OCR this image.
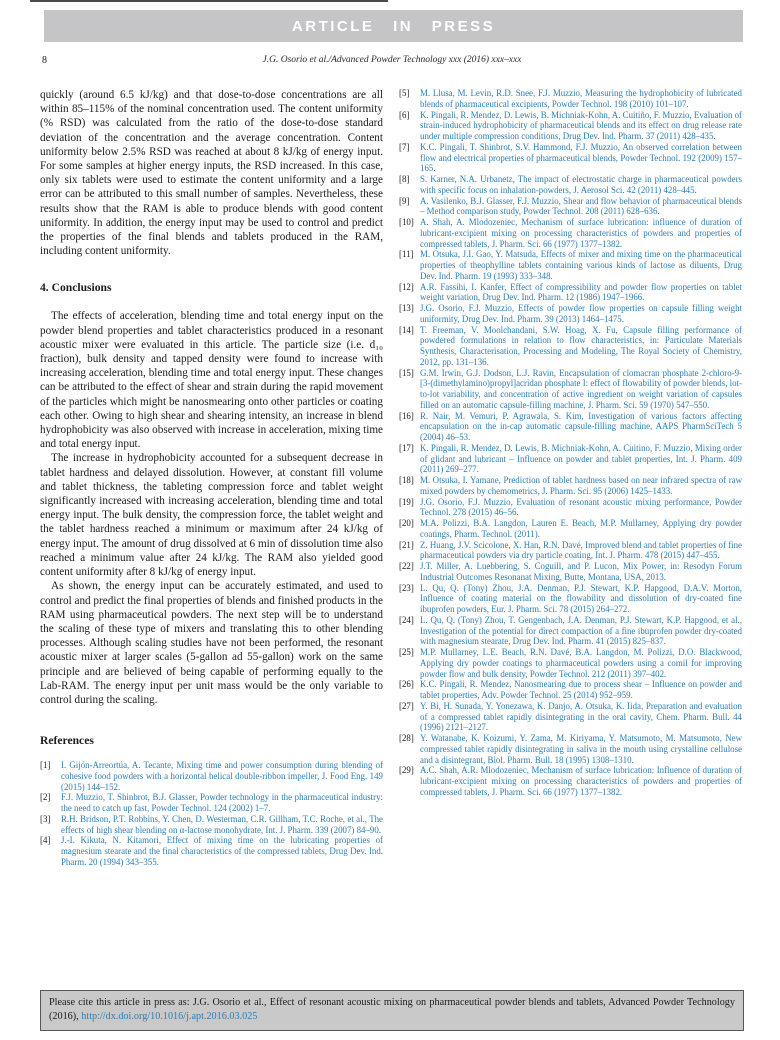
ARTICLE IN PRESS
8	J.G. Osorio et al./Advanced Powder Technology xxx (2016) xxx–xxx

quickly (around 6.5 kJ/kg) and that dose-to-dose concentrations are all within 85–115% of the nominal concentration used. The content uniformity (% RSD) was calculated from the ratio of the dose-to-dose standard deviation of the concentration and the average concentration. Content uniformity below 2.5% RSD was reached at about 8 kJ/kg of energy input. For some samples at higher energy inputs, the RSD increased. In this case, only six tablets were used to estimate the content uniformity and a large error can be attributed to this small number of samples. Nevertheless, these results show that the RAM is able to produce blends with good content uniformity. In addition, the energy input may be used to control and predict the properties of the final blends and tablets produced in the RAM, including content uniformity.

4. Conclusions

The effects of acceleration, blending time and total energy input on the powder blend properties and tablet characteristics produced in a resonant acoustic mixer were evaluated in this article. The particle size (i.e. d₁₀ fraction), bulk density and tapped density were found to increase with increasing acceleration, blending time and total energy input. These changes can be attributed to the effect of shear and strain during the rapid movement of the particles which might be nanosmearing onto other particles or coating each other. Owing to high shear and shearing intensity, an increase in blend hydrophobicity was also observed with increase in acceleration, mixing time and total energy input.

The increase in hydrophobicity accounted for a subsequent decrease in tablet hardness and delayed dissolution. However, at constant fill volume and tablet thickness, the tableting compression force and tablet weight significantly increased with increasing acceleration, blending time and total energy input. The bulk density, the compression force, the tablet weight and the tablet hardness reached a minimum or maximum after 24 kJ/kg of energy input. The amount of drug dissolved at 6 min of dissolution time also reached a minimum value after 24 kJ/kg. The RAM also yielded good content uniformity after 8 kJ/kg of energy input.

As shown, the energy input can be accurately estimated, and used to control and predict the final properties of blends and finished products in the RAM using pharmaceutical powders. The next step will be to understand the scaling of these type of mixers and translating this to other blending processes. Although scaling studies have not been performed, the resonant acoustic mixer at larger scales (5-gallon ad 55-gallon) work on the same principle and are believed of being capable of performing equally to the Lab-RAM. The energy input per unit mass would be the only variable to control during the scaling.

References
[1]	I. Gijón-Arreortúa, A. Tecante, Mixing time and power consumption during blending of cohesive food powders with a horizontal helical double-ribbon impeller, J. Food Eng. 149 (2015) 144–152.
[2]	F.J. Muzzio, T. Shinbrot, B.J. Glasser, Powder technology in the pharmaceutical industry: the need to catch up fast, Powder Technol. 124 (2002) 1–7.
[3]	R.H. Bridson, P.T. Robbins, Y. Chen, D. Westerman, C.R. Gillham, T.C. Roche, et al., The effects of high shear blending on α-lactose monohydrate, Int. J. Pharm. 339 (2007) 84–90.
[4]	J.-I. Kikuta, N. Kitamori, Effect of mixing time on the lubricating properties of magnesium stearate and the final characteristics of the compressed tablets, Drug Dev. Ind. Pharm. 20 (1994) 343–355.
[5]	M. Llusa, M. Levin, R.D. Snee, F.J. Muzzio, Measuring the hydrophobicity of lubricated blends of pharmaceutical excipients, Powder Technol. 198 (2010) 101–107.
[6]	K. Pingali, R. Mendez, D. Lewis, B. Michniak-Kohn, A. Cuitiño, F. Muzzio, Evaluation of strain-induced hydrophobicity of pharmaceutical blends and its effect on drug release rate under multiple compression conditions, Drug Dev. Ind. Pharm. 37 (2011) 428–435.
[7]	K.C. Pingali, T. Shinbrot, S.V. Hammond, F.J. Muzzio, An observed correlation between flow and electrical properties of pharmaceutical blends, Powder Technol. 192 (2009) 157–165.
[8]	S. Karner, N.A. Urbanetz, The impact of electrostatic charge in pharmaceutical powders with specific focus on inhalation-powders, J. Aerosol Sci. 42 (2011) 428–445.
[9]	A. Vasilenko, B.J. Glasser, F.J. Muzzio, Shear and flow behavior of pharmaceutical blends – Method comparison study, Powder Technol. 208 (2011) 628–636.
[10] A. Shah, A. Mlodozeniec, Mechanism of surface lubrication: influence of duration of lubricant-excipient mixing on processing characteristics of powders and properties of compressed tablets, J. Pharm. Sci. 66 (1977) 1377–1382.
[11] M. Otsuka, J.I. Gao, Y. Matsuda, Effects of mixer and mixing time on the pharmaceutical properties of theophylline tablets containing various kinds of lactose as diluents, Drug Dev. Ind. Pharm. 19 (1993) 333–348.
[12] A.R. Fassihi, I. Kanfer, Effect of compressibility and powder flow properties on tablet weight variation, Drug Dev. Ind. Pharm. 12 (1986) 1947–1966.
[13] J.G. Osorio, F.J. Muzzio, Effects of powder flow properties on capsule filling weight uniformity, Drug Dev. Ind. Pharm. 39 (2013) 1464–1475.
[14] T. Freeman, V. Moolchandani, S.W. Hoag, X. Fu, Capsule filling performance of powdered formulations in relation to flow characteristics, in: Particulate Materials Synthesis, Characterisation, Processing and Modeling, The Royal Society of Chemistry, 2012, pp. 131–136.
[15] G.M. Irwin, G.J. Dodson, L.J. Ravin, Encapsulation of clomacran phosphate 2-chloro-9-[3-(dimethylamino)propyl]acridan phosphate I: effect of flowability of powder blends, lot-to-lot variability, and concentration of active ingredient on weight variation of capsules filled on an automatic capsule-filling machine, J. Pharm. Sci. 59 (1970) 547–550.
[16] R. Nair, M. Vemuri, P. Agrawala, S. Kim, Investigation of various factors affecting encapsulation on the in-cap automatic capsule-filling machine, AAPS PharmSciTech 5 (2004) 46–53.
[17] K. Pingali, R. Mendez, D. Lewis, B. Michniak-Kohn, A. Cuitino, F. Muzzio, Mixing order of glidant and lubricant – Influence on powder and tablet properties, Int. J. Pharm. 409 (2011) 269–277.
[18] M. Otsuka, I. Yamane, Prediction of tablet hardness based on near infrared spectra of raw mixed powders by chemometrics, J. Pharm. Sci. 95 (2006) 1425–1433.
[19] J.G. Osorio, F.J. Muzzio, Evaluation of resonant acoustic mixing performance, Powder Technol. 278 (2015) 46–56.
[20] M.A. Polizzi, B.A. Langdon, Lauren E. Beach, M.P. Mullarney, Applying dry powder coatings, Pharm. Technol. (2011).
[21] Z. Huang, J.V. Scicolone, X. Han, R.N. Davé, Improved blend and tablet properties of fine pharmaceutical powders via dry particle coating, Int. J. Pharm. 478 (2015) 447–455.
[22] J.T. Miller, A. Luebbering, S. Coguill, and P. Lucon, Mix Power, in: Resodyn Forum Industrial Outcomes Resonanat Mixing, Butte, Montana, USA, 2013.
[23] L. Qu, Q. (Tony) Zhou, J.A. Denman, P.J. Stewart, K.P. Hapgood, D.A.V. Morton, Influence of coating material on the flowability and dissolution of dry-coated fine ibuprofen powders, Eur. J. Pharm. Sci. 78 (2015) 264–272.
[24] L. Qu, Q. (Tony) Zhou, T. Gengenbach, J.A. Denman, P.J. Stewart, K.P. Hapgood, et al., Investigation of the potential for direct compaction of a fine ibuprofen powder dry-coated with magnesium stearate, Drug Dev. Ind. Pharm. 41 (2015) 825–837.
[25] M.P. Mullarney, L.E. Beach, R.N. Davé, B.A. Langdon, M. Polizzi, D.O. Blackwood, Applying dry powder coatings to pharmaceutical powders using a comil for improving powder flow and bulk density, Powder Technol. 212 (2011) 397–402.
[26] K.C. Pingali, R. Mendez, Nanosmearing due to process shear – Influence on powder and tablet properties, Adv. Powder Technol. 25 (2014) 952–959.
[27] Y. Bi, H. Sunada, Y. Yonezawa, K. Danjo, A. Otsuka, K. Iida, Preparation and evaluation of a compressed tablet rapidly disintegrating in the oral cavity, Chem. Pharm. Bull. 44 (1996) 2121–2127.
[28] Y. Watanabe, K. Koizumi, Y. Zama, M. Kiriyama, Y. Matsumoto, M. Matsumoto, New compressed tablet rapidly disintegrating in saliva in the mouth using crystalline cellulose and a disintegrant, Biol. Pharm. Bull. 18 (1995) 1308–1310.
[29] A.C. Shah, A.R. Mlodozeniec, Mechanism of surface lubrication: Influence of duration of lubricant-excipient mixing on processing characteristics of powders and properties of compressed tablets, J. Pharm. Sci. 66 (1977) 1377–1382.
Please cite this article in press as: J.G. Osorio et al., Effect of resonant acoustic mixing on pharmaceutical powder blends and tablets, Advanced Powder Technology (2016), http://dx.doi.org/10.1016/j.apt.2016.03.025
